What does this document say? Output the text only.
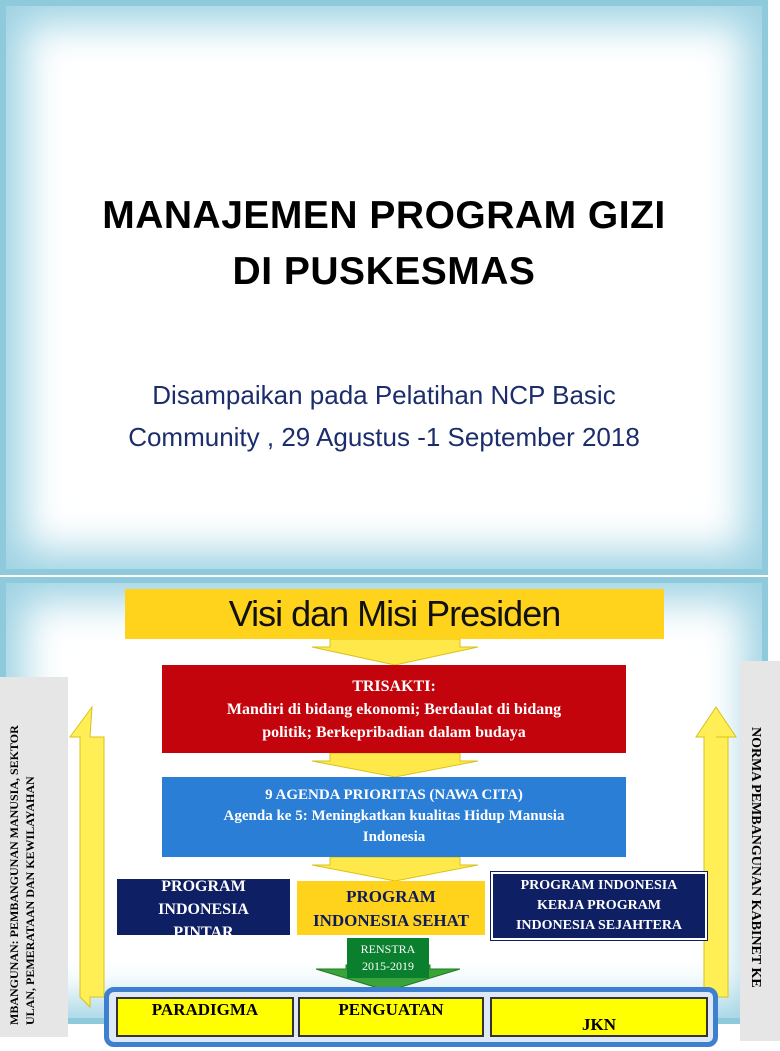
MANAJEMEN PROGRAM GIZI
DI PUSKESMAS
Disampaikan pada Pelatihan NCP Basic
Community , 29 Agustus -1 September 2018
Visi dan Misi Presiden
TRISAKTI:
Mandiri di bidang ekonomi; Berdaulat di bidang
politik; Berkepribadian dalam budaya
9 AGENDA PRIORITAS (NAWA CITA)
Agenda ke 5: Meningkatkan kualitas Hidup Manusia
Indonesia
PROGRAM
INDONESIA
PINTAR
PROGRAM
INDONESIA SEHAT
PROGRAM INDONESIA
KERJA PROGRAM
INDONESIA SEJAHTERA
RENSTRA
2015-2019
PARADIGMA	PENGUATAN
JKN
MBANGUNAN: PEMBANGUNAN MANUSIA, SEKTOR ULAN, PEMERATAAN DAN KEWILAYAHAN	NORMA PEMBANGUNAN KABINET KE
